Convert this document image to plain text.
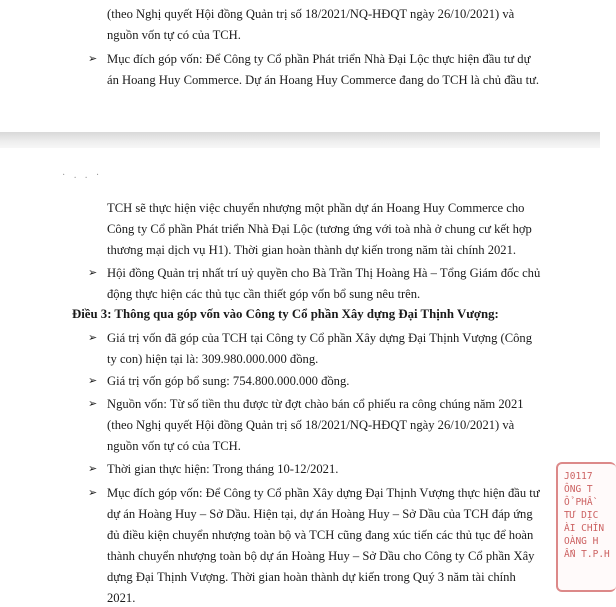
(theo Nghị quyết Hội đồng Quản trị số 18/2021/NQ-HĐQT ngày 26/10/2021) và
nguồn vốn tự có của TCH.
➢ Mục đích góp vốn: Để Công ty Cổ phần Phát triển Nhà Đại Lộc thực hiện đầu tư dự
án Hoang Huy Commerce. Dự án Hoang Huy Commerce đang do TCH là chủ đầu tư.
· . . ·
TCH sẽ thực hiện việc chuyển nhượng một phần dự án Hoang Huy Commerce cho
Công ty Cổ phần Phát triển Nhà Đại Lộc (tương ứng với toà nhà ở chung cư kết hợp
thương mại dịch vụ H1). Thời gian hoàn thành dự kiến trong năm tài chính 2021.
➢ Hội đồng Quản trị nhất trí uỷ quyền cho Bà Trần Thị Hoàng Hà – Tổng Giám đốc chủ
động thực hiện các thủ tục cần thiết góp vốn bổ sung nêu trên.
Điều 3: Thông qua góp vốn vào Công ty Cổ phần Xây dựng Đại Thịnh Vượng:
➢ Giá trị vốn đã góp của TCH tại Công ty Cổ phần Xây dựng Đại Thịnh Vượng (Công
ty con) hiện tại là: 309.980.000.000 đồng.
➢ Giá trị vốn góp bổ sung: 754.800.000.000 đồng.
➢ Nguồn vốn: Từ số tiền thu được từ đợt chào bán cổ phiếu ra công chúng năm 2021
(theo Nghị quyết Hội đồng Quản trị số 18/2021/NQ-HĐQT ngày 26/10/2021) và
nguồn vốn tự có của TCH.
➢ Thời gian thực hiện: Trong tháng 10-12/2021.
➢ Mục đích góp vốn: Để Công ty Cổ phần Xây dựng Đại Thịnh Vượng thực hiện đầu tư
dự án Hoàng Huy – Sở Dầu. Hiện tại, dự án Hoàng Huy – Sở Dầu của TCH đáp ứng
đủ điều kiện chuyển nhượng toàn bộ và TCH cũng đang xúc tiến các thủ tục để hoàn
thành chuyển nhượng toàn bộ dự án Hoàng Huy – Sở Dầu cho Công ty Cổ phần Xây
dựng Đại Thịnh Vượng. Thời gian hoàn thành dự kiến trong Quý 3 năm tài chính
2021.
J0117
ÔNG T
Ổ PHẦ
TƯ DỊC
ÀI CHÍN
OÀNG H
ẤN T.P.H
